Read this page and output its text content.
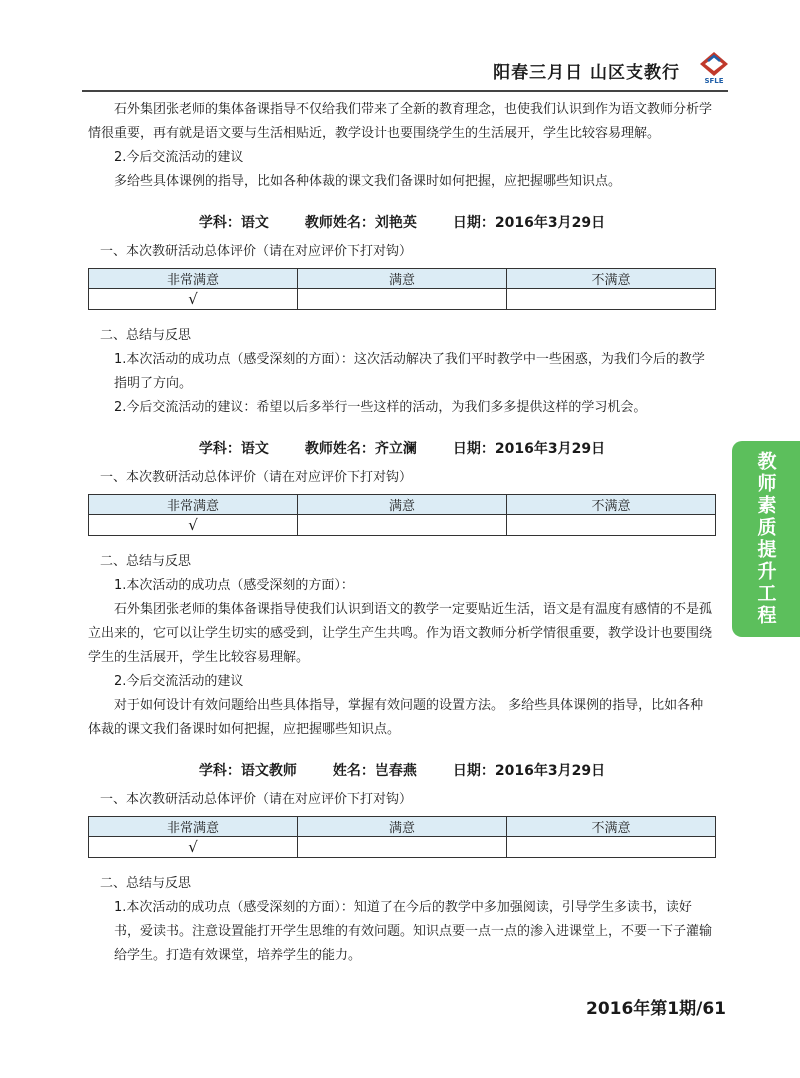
阳春三月日 山区支教行	SFLE
教师素质提升工程

石外集团张老师的集体备课指导不仅给我们带来了全新的教育理念，也使我们认识到作为语文教师分析学情很重要，再有就是语文要与生活相贴近，教学设计也要围绕学生的生活展开，学生比较容易理解。

2.今后交流活动的建议

多给些具体课例的指导，比如各种体裁的课文我们备课时如何把握，应把握哪些知识点。

学科：语文	教师姓名：刘艳英	日期：2016年3月29日

一、本次教研活动总体评价（请在对应评价下打对钩）

非常满意	满意	不满意
√		

二、总结与反思

1.本次活动的成功点（感受深刻的方面）：这次活动解决了我们平时教学中一些困惑，为我们今后的教学指明了方向。

2.今后交流活动的建议：希望以后多举行一些这样的活动，为我们多多提供这样的学习机会。

学科：语文	教师姓名：齐立澜	日期：2016年3月29日

一、本次教研活动总体评价（请在对应评价下打对钩）

非常满意	满意	不满意
√		

二、总结与反思

1.本次活动的成功点（感受深刻的方面）：

石外集团张老师的集体备课指导使我们认识到语文的教学一定要贴近生活，语文是有温度有感情的不是孤立出来的，它可以让学生切实的感受到，让学生产生共鸣。作为语文教师分析学情很重要，教学设计也要围绕学生的生活展开，学生比较容易理解。

2.今后交流活动的建议

对于如何设计有效问题给出些具体指导，掌握有效问题的设置方法。 多给些具体课例的指导，比如各种体裁的课文我们备课时如何把握，应把握哪些知识点。

学科：语文教师	姓名：岂春燕	日期：2016年3月29日

一、本次教研活动总体评价（请在对应评价下打对钩）

非常满意	满意	不满意
√		

二、总结与反思

1.本次活动的成功点（感受深刻的方面）：知道了在今后的教学中多加强阅读，引导学生多读书，读好书，爱读书。注意设置能打开学生思维的有效问题。知识点要一点一点的渗入进课堂上，不要一下子灌输给学生。打造有效课堂，培养学生的能力。

2016年第1期/61
